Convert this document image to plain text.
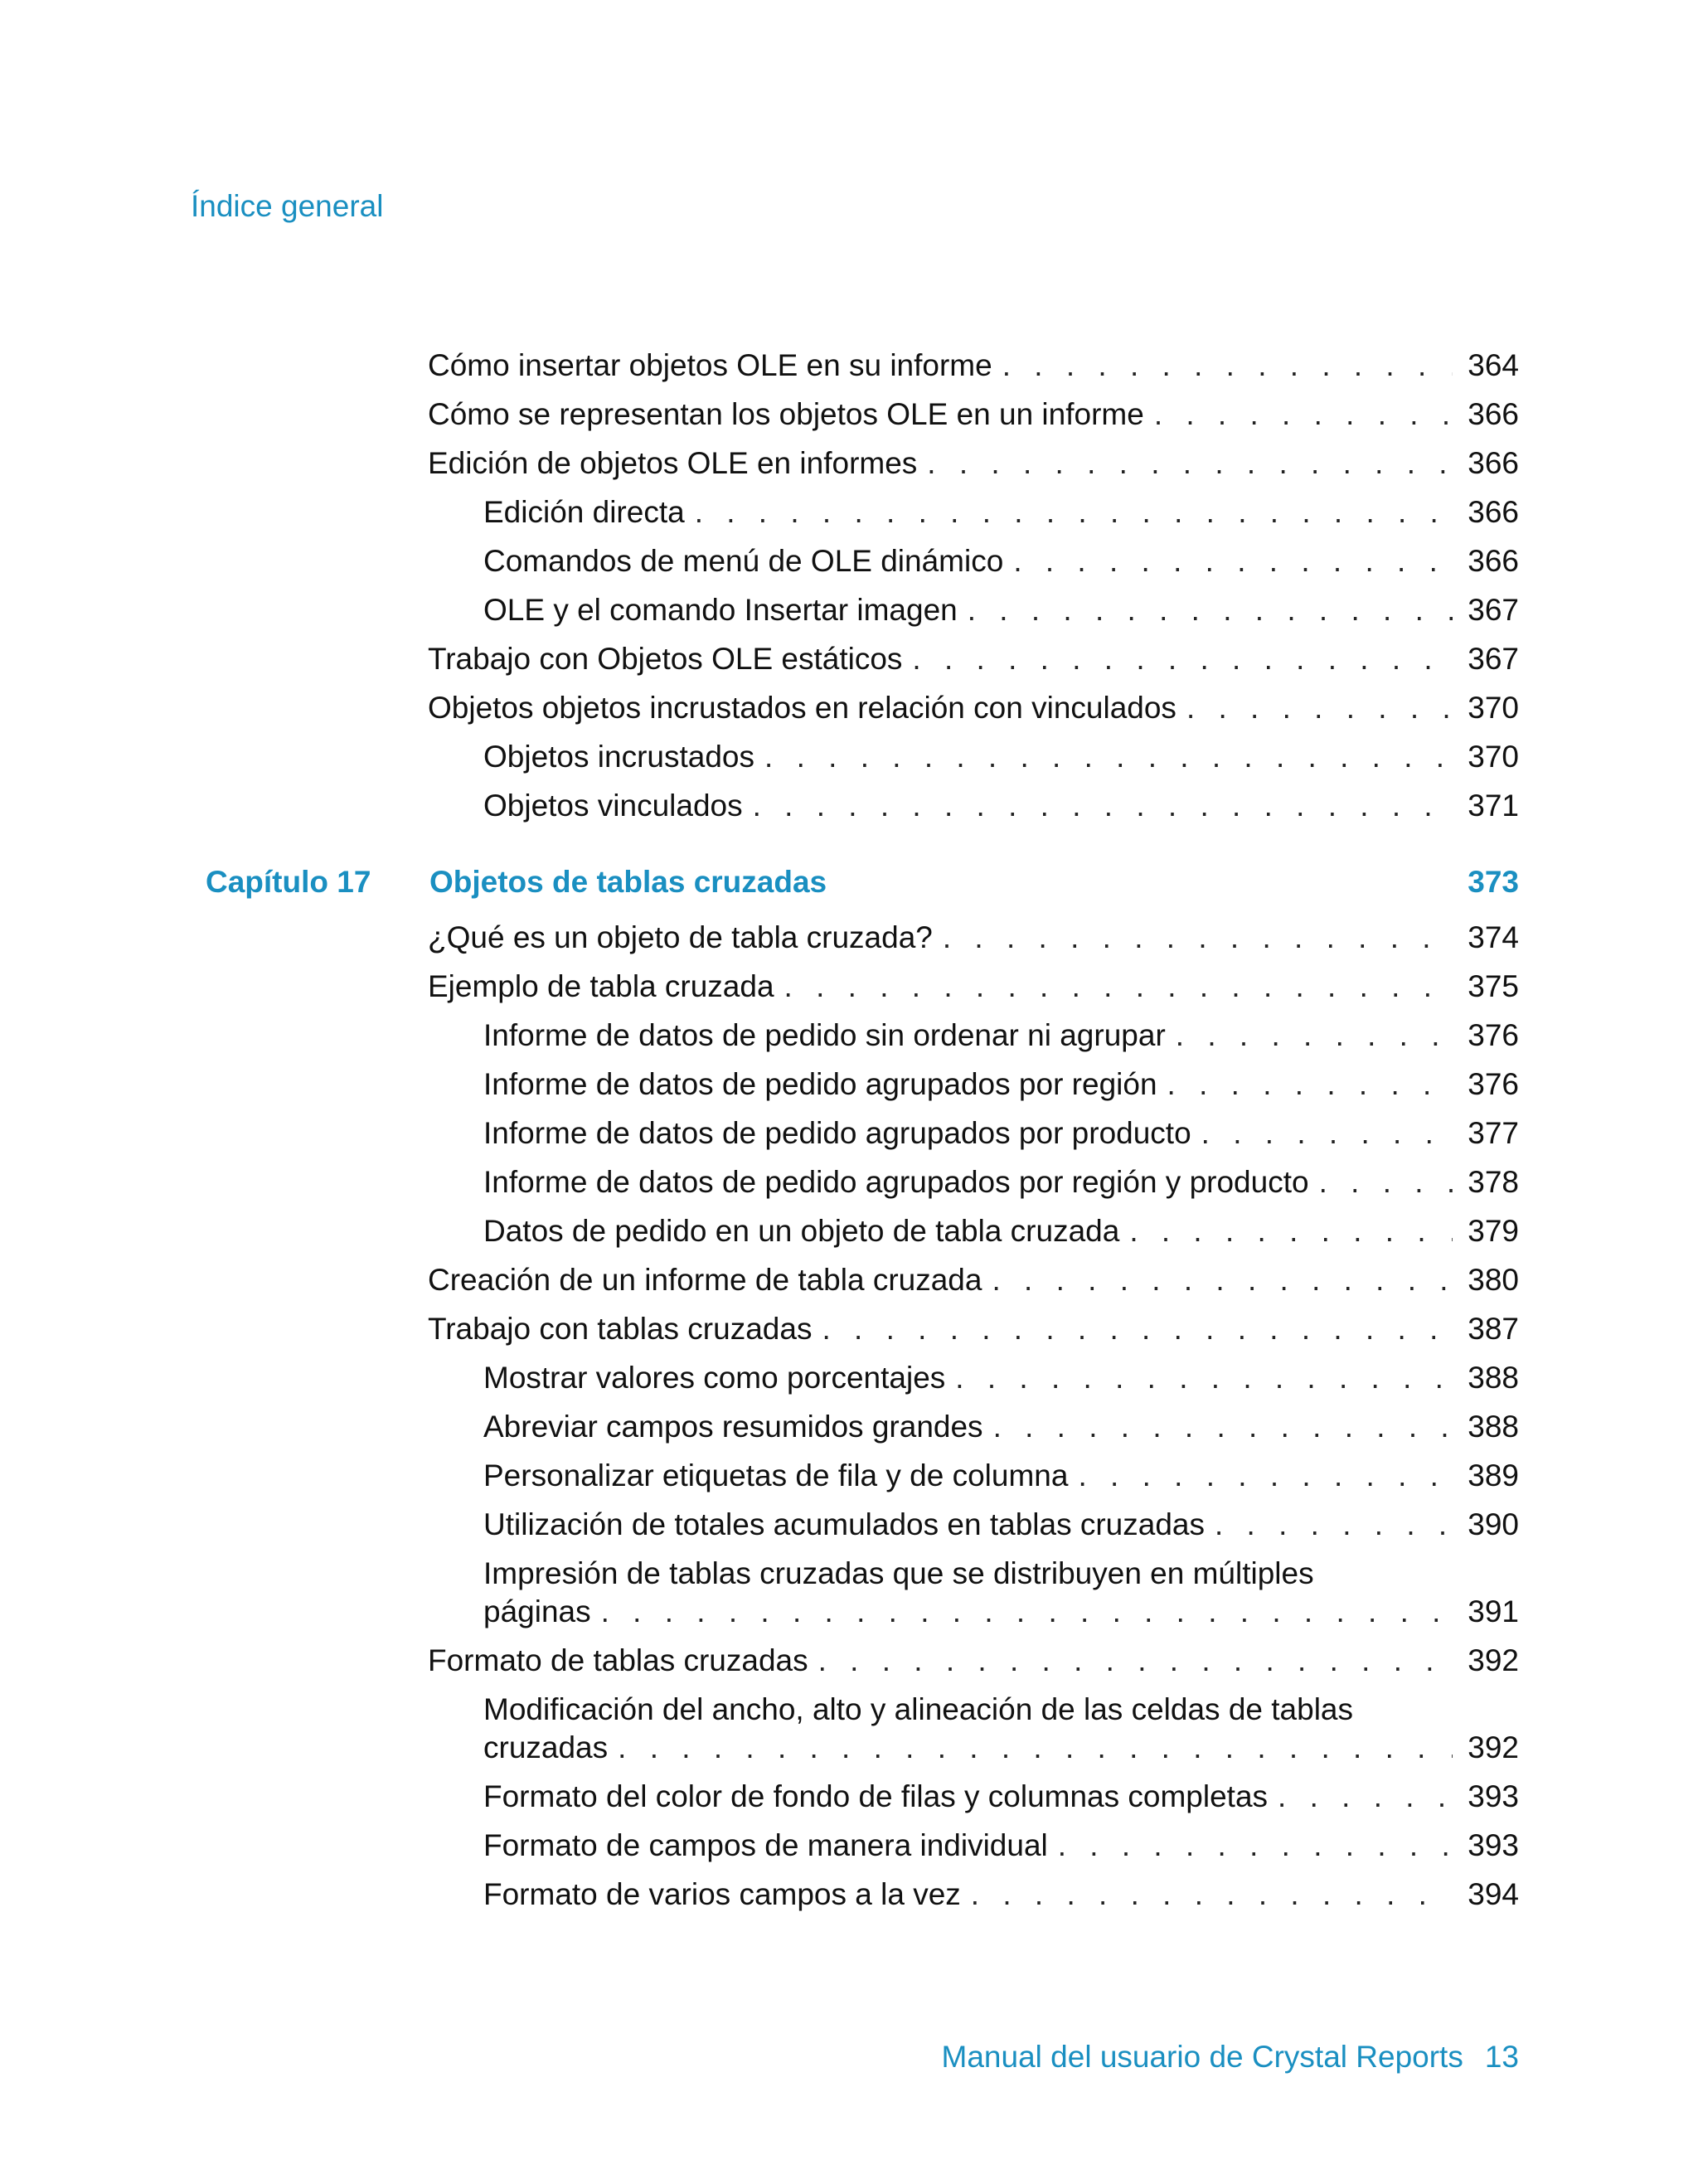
Índice general
Cómo insertar objetos OLE en su informe . . .	364
Cómo se representan los objetos OLE en un informe . . .	366
Edición de objetos OLE en informes . . .	366
Edición directa . . .	366
Comandos de menú de OLE dinámico . . .	366
OLE y el comando Insertar imagen . . .	367
Trabajo con Objetos OLE estáticos . . .	367
Objetos objetos incrustados en relación con vinculados . . .	370
Objetos incrustados . . .	370
Objetos vinculados . . .	371
Capítulo 17 Objetos de tablas cruzadas	373
¿Qué es un objeto de tabla cruzada? . . .	374
Ejemplo de tabla cruzada . . .	375
Informe de datos de pedido sin ordenar ni agrupar . . .	376
Informe de datos de pedido agrupados por región . . .	376
Informe de datos de pedido agrupados por producto . . .	377
Informe de datos de pedido agrupados por región y producto . . .	378
Datos de pedido en un objeto de tabla cruzada . . .	379
Creación de un informe de tabla cruzada . . .	380
Trabajo con tablas cruzadas . . .	387
Mostrar valores como porcentajes . . .	388
Abreviar campos resumidos grandes . . .	388
Personalizar etiquetas de fila y de columna . . .	389
Utilización de totales acumulados en tablas cruzadas . . .	390
Impresión de tablas cruzadas que se distribuyen en múltiples
páginas . . .	391
Formato de tablas cruzadas . . .	392
Modificación del ancho, alto y alineación de las celdas de tablas
cruzadas . . .	392
Formato del color de fondo de filas y columnas completas . . .	393
Formato de campos de manera individual . . .	393
Formato de varios campos a la vez . . .	394
Manual del usuario de Crystal Reports 13
